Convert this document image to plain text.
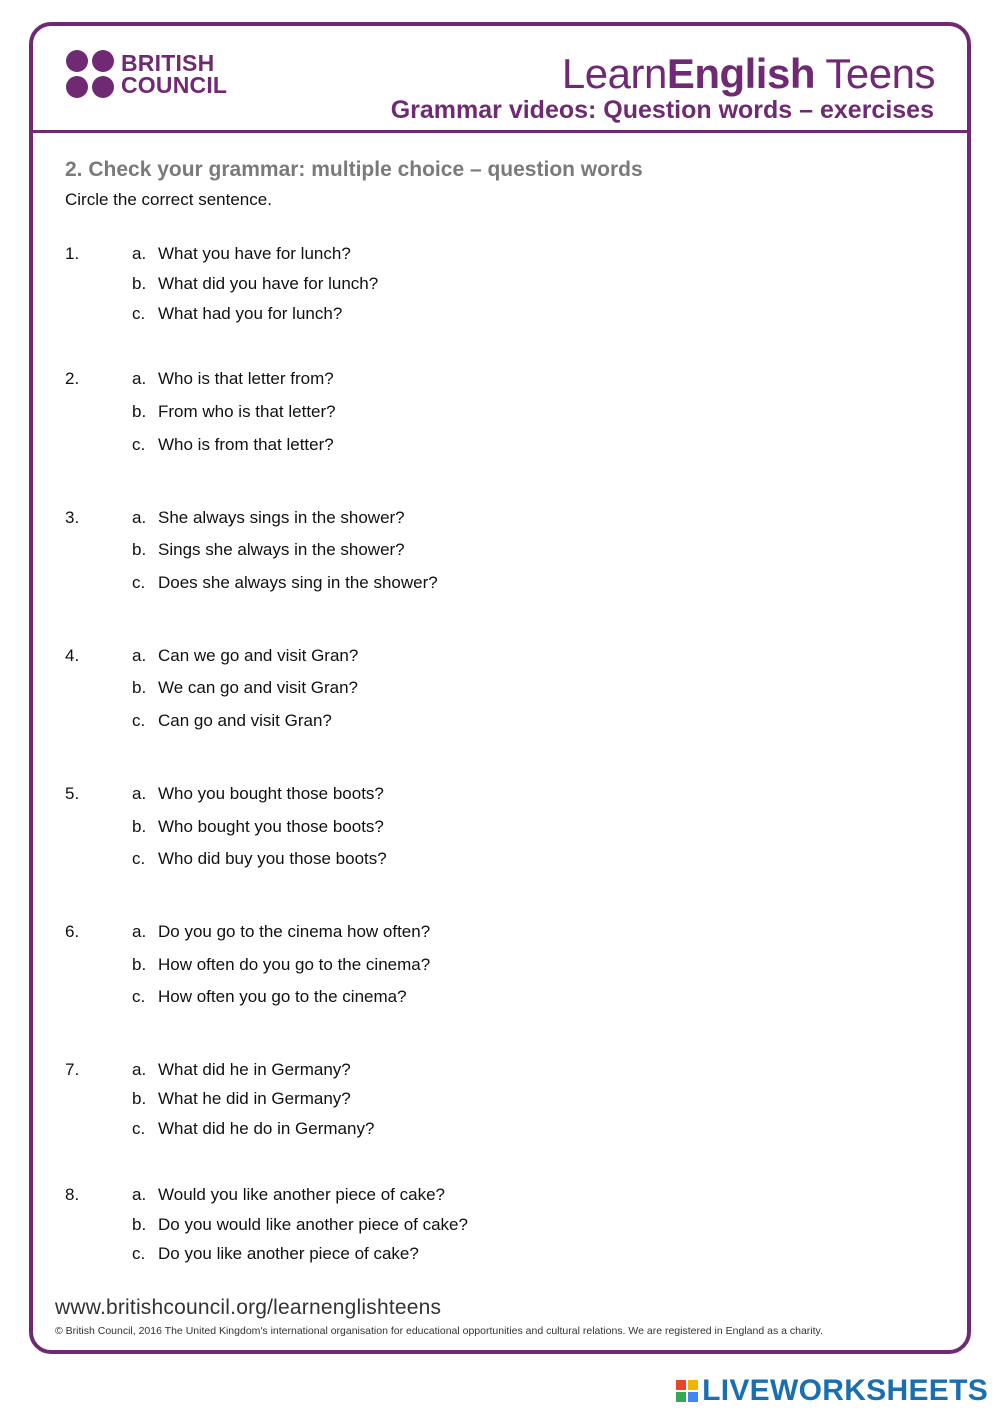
BRITISH
COUNCIL	LearnEnglish Teens
Grammar videos: Question words – exercises
2. Check your grammar: multiple choice – question words
Circle the correct sentence.
1.	a. What you have for lunch?
b. What did you have for lunch?
c. What had you for lunch?
2.	a. Who is that letter from?
b. From who is that letter?
c. Who is from that letter?
3.	a. She always sings in the shower?
b. Sings she always in the shower?
c. Does she always sing in the shower?
4.	a. Can we go and visit Gran?
b. We can go and visit Gran?
c. Can go and visit Gran?
5.	a. Who you bought those boots?
b. Who bought you those boots?
c. Who did buy you those boots?
6.	a. Do you go to the cinema how often?
b. How often do you go to the cinema?
c. How often you go to the cinema?
7.	a. What did he in Germany?
b. What he did in Germany?
c. What did he do in Germany?
8.	a. Would you like another piece of cake?
b. Do you would like another piece of cake?
c. Do you like another piece of cake?
www.britishcouncil.org/learnenglishteens
© British Council, 2016 The United Kingdom's international organisation for educational opportunities and cultural relations. We are registered in England as a charity.
LIVEWORKSHEETS
